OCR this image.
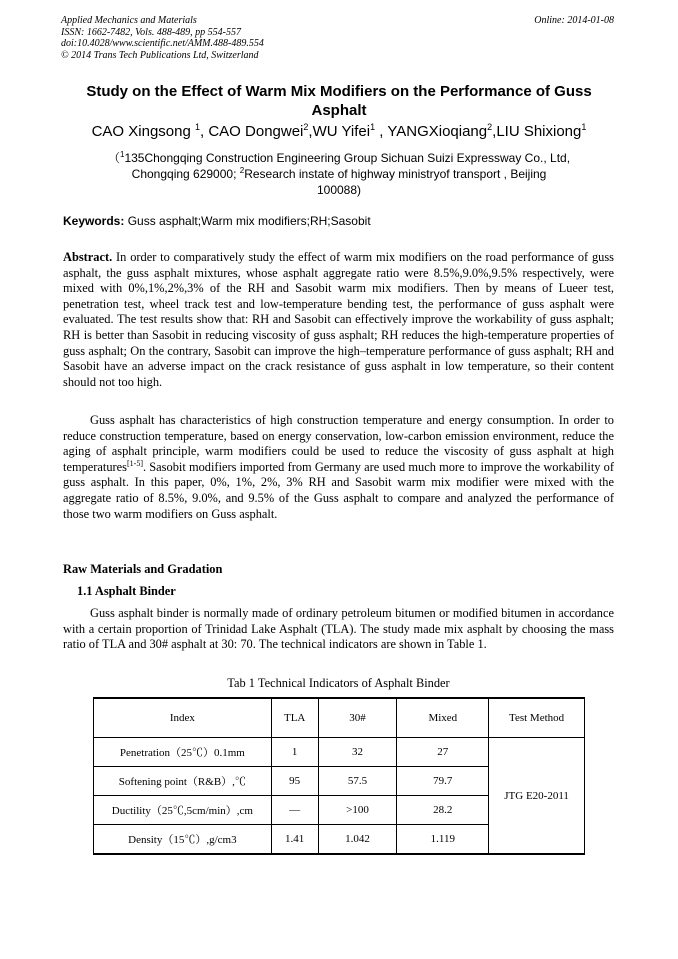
Applied Mechanics and Materials
ISSN: 1662-7482, Vols. 488-489, pp 554-557
doi:10.4028/www.scientific.net/AMM.488-489.554
© 2014 Trans Tech Publications Ltd, Switzerland
Online: 2014-01-08
Study on the Effect of Warm Mix Modifiers on the Performance of Guss
Asphalt
CAO Xingsong $^1$, CAO Dongwei$^2$,WU Yifei$^1$ , YANGXioqiang$^2$,LIU Shixiong$^1$
（$^1$135Chongqing Construction Engineering Group Sichuan Suizi Expressway Co., Ltd,
Chongqing 629000; $^2$Research instate of highway ministryof transport , Beijing
100088)
Keywords: Guss asphalt;Warm mix modifiers;RH;Sasobit
Abstract. In order to comparatively study the effect of warm mix modifiers on the road performance of guss asphalt, the guss asphalt mixtures, whose asphalt aggregate ratio were 8.5%,9.0%,9.5% respectively, were mixed with 0%,1%,2%,3% of the RH and Sasobit warm mix modifiers. Then by means of Lueer test, penetration test, wheel track test and low-temperature bending test, the performance of guss asphalt were evaluated. The test results show that: RH and Sasobit can effectively improve the workability of guss asphalt; RH is better than Sasobit in reducing viscosity of guss asphalt; RH reduces the high-temperature properties of guss asphalt; On the contrary, Sasobit can improve the high–temperature performance of guss asphalt; RH and Sasobit have an adverse impact on the crack resistance of guss asphalt in low temperature, so their content should not too high.
Guss asphalt has characteristics of high construction temperature and energy consumption. In order to reduce construction temperature, based on energy conservation, low-carbon emission environment, reduce the aging of asphalt principle, warm modifiers could be used to reduce the viscosity of guss asphalt at high temperatures[1-5]. Sasobit modifiers imported from Germany are used much more to improve the workability of guss asphalt. In this paper, 0%, 1%, 2%, 3% RH and Sasobit warm mix modifier were mixed with the aggregate ratio of 8.5%, 9.0%, and 9.5% of the Guss asphalt to compare and analyzed the performance of those two warm modifiers on Guss asphalt.
Raw Materials and Gradation
1.1 Asphalt Binder
Guss asphalt binder is normally made of ordinary petroleum bitumen or modified bitumen in accordance with a certain proportion of Trinidad Lake Asphalt (TLA). The study made mix asphalt by choosing the mass ratio of TLA and 30# asphalt at 30: 70. The technical indicators are shown in Table 1.
Tab 1 Technical Indicators of Asphalt Binder
Index	TLA	30#	Mixed	Test Method
Penetration（25℃）0.1mm	1	32	27	JTG E20-2011
Softening point（R&B）,℃	95	57.5	79.7	
Ductility（25℃,5cm/min）,cm	—	>100	28.2	
Density（15℃）,g/cm3	1.41	1.042	1.119	
